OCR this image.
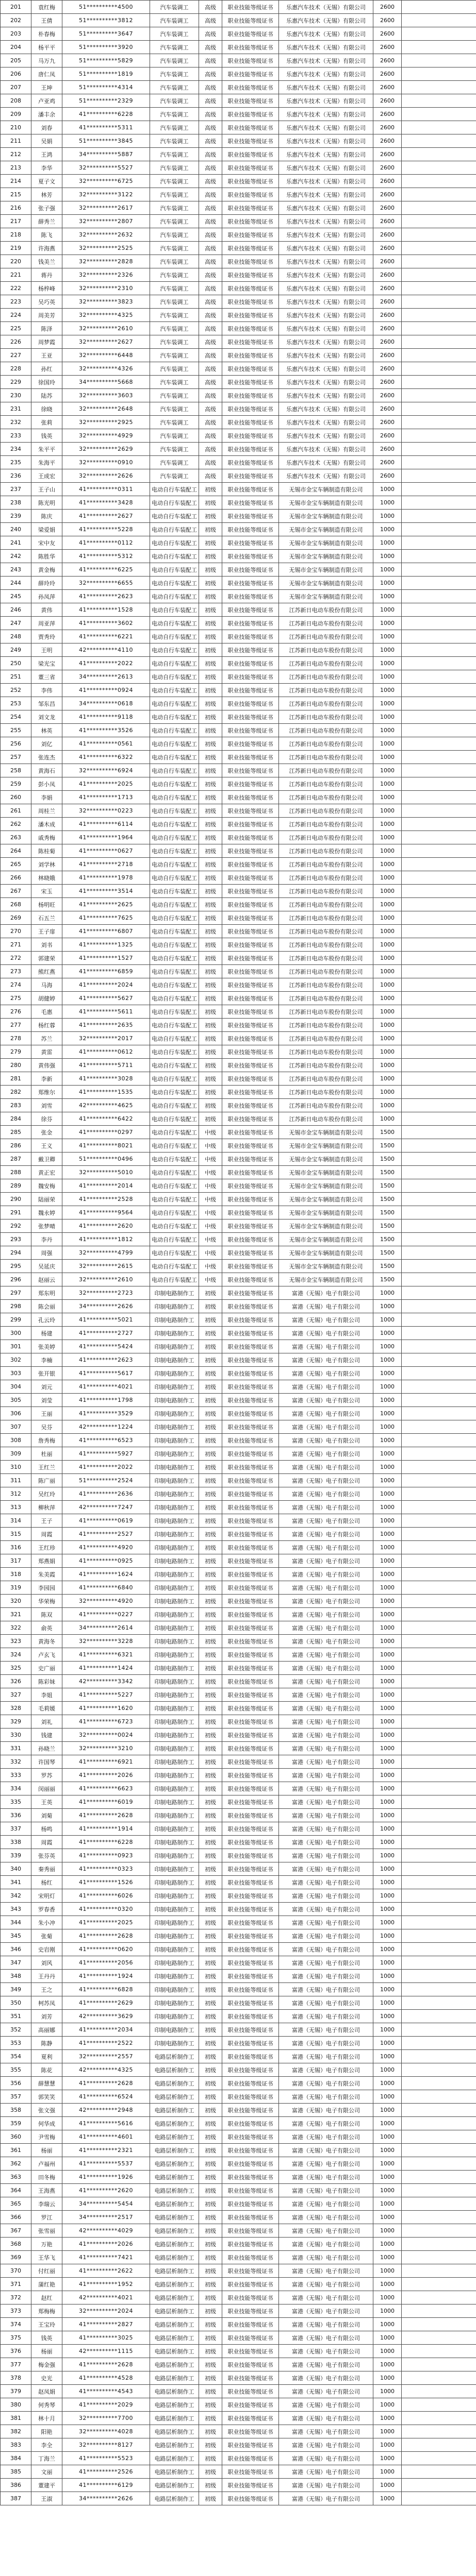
201	袁红梅	51**********4500	汽车装调工	高级	职业技能等级证书	乐惠汽车技术（无锡）有限公司	2600	
202	王倩	51**********3812	汽车装调工	高级	职业技能等级证书	乐惠汽车技术（无锡）有限公司	2600	
203	朴春梅	51**********3647	汽车装调工	高级	职业技能等级证书	乐惠汽车技术（无锡）有限公司	2600	
204	杨平平	51**********3920	汽车装调工	高级	职业技能等级证书	乐惠汽车技术（无锡）有限公司	2600	
205	马万九	51**********5829	汽车装调工	高级	职业技能等级证书	乐惠汽车技术（无锡）有限公司	2600	
206	唐仁凤	51**********1819	汽车装调工	高级	职业技能等级证书	乐惠汽车技术（无锡）有限公司	2600	
207	王坤	51**********4314	汽车装调工	高级	职业技能等级证书	乐惠汽车技术（无锡）有限公司	2600	
208	卢亚鸡	51**********2329	汽车装调工	高级	职业技能等级证书	乐惠汽车技术（无锡）有限公司	2600	
209	潘丰余	41**********6228	汽车装调工	高级	职业技能等级证书	乐惠汽车技术（无锡）有限公司	2600	
210	刘春	41**********5311	汽车装调工	高级	职业技能等级证书	乐惠汽车技术（无锡）有限公司	2600	
211	吴娟	51**********3845	汽车装调工	高级	职业技能等级证书	乐惠汽车技术（无锡）有限公司	2600	
212	王鸿	34**********5887	汽车装调工	高级	职业技能等级证书	乐惠汽车技术（无锡）有限公司	2600	
213	李华	32**********5527	汽车装调工	高级	职业技能等级证书	乐惠汽车技术（无锡）有限公司	2600	
214	夏子文	32**********6725	汽车装调工	高级	职业技能等级证书	乐惠汽车技术（无锡）有限公司	2600	
215	林芳	32**********3122	汽车装调工	高级	职业技能等级证书	乐惠汽车技术（无锡）有限公司	2600	
216	张子强	32**********2617	汽车装调工	高级	职业技能等级证书	乐惠汽车技术（无锡）有限公司	2600	
217	薛秀兰	32**********2807	汽车装调工	高级	职业技能等级证书	乐惠汽车技术（无锡）有限公司	2600	
218	陈飞	32**********2632	汽车装调工	高级	职业技能等级证书	乐惠汽车技术（无锡）有限公司	2600	
219	许海燕	32**********2525	汽车装调工	高级	职业技能等级证书	乐惠汽车技术（无锡）有限公司	2600	
220	钱美兰	32**********2828	汽车装调工	高级	职业技能等级证书	乐惠汽车技术（无锡）有限公司	2600	
221	蒋丹	32**********2326	汽车装调工	高级	职业技能等级证书	乐惠汽车技术（无锡）有限公司	2600	
222	杨梓峰	32**********2310	汽车装调工	高级	职业技能等级证书	乐惠汽车技术（无锡）有限公司	2600	
223	吴巧英	32**********3823	汽车装调工	高级	职业技能等级证书	乐惠汽车技术（无锡）有限公司	2600	
224	周美芳	32**********4325	汽车装调工	高级	职业技能等级证书	乐惠汽车技术（无锡）有限公司	2600	
225	陈泽	32**********2610	汽车装调工	高级	职业技能等级证书	乐惠汽车技术（无锡）有限公司	2600	
226	周梦霞	32**********2627	汽车装调工	高级	职业技能等级证书	乐惠汽车技术（无锡）有限公司	2600	
227	王亚	32**********6448	汽车装调工	高级	职业技能等级证书	乐惠汽车技术（无锡）有限公司	2600	
228	孙红	32**********4326	汽车装调工	高级	职业技能等级证书	乐惠汽车技术（无锡）有限公司	2600	
229	徐国玲	34**********5668	汽车装调工	高级	职业技能等级证书	乐惠汽车技术（无锡）有限公司	2600	
230	陆苏	32**********3603	汽车装调工	高级	职业技能等级证书	乐惠汽车技术（无锡）有限公司	2600	
231	徐晓	32**********2648	汽车装调工	高级	职业技能等级证书	乐惠汽车技术（无锡）有限公司	2600	
232	张莉	32**********2925	汽车装调工	高级	职业技能等级证书	乐惠汽车技术（无锡）有限公司	2600	
233	钱英	32**********4929	汽车装调工	高级	职业技能等级证书	乐惠汽车技术（无锡）有限公司	2600	
234	朱平平	32**********2629	汽车装调工	高级	职业技能等级证书	乐惠汽车技术（无锡）有限公司	2600	
235	朱海平	32**********0910	汽车装调工	高级	职业技能等级证书	乐惠汽车技术（无锡）有限公司	2600	
236	王成宏	32**********2626	汽车装调工	高级	职业技能等级证书	乐惠汽车技术（无锡）有限公司	2600	
237	王子山	41**********0311	电动自行车装配工	初级	职业技能等级证书	无锡市金宝车辆制造有限公司	1000	
238	陈光明	41**********3428	电动自行车装配工	初级	职业技能等级证书	无锡市金宝车辆制造有限公司	1000	
239	陈庆	41**********2627	电动自行车装配工	初级	职业技能等级证书	无锡市金宝车辆制造有限公司	1000	
240	梁爱娟	41**********5228	电动自行车装配工	初级	职业技能等级证书	无锡市金宝车辆制造有限公司	1000	
241	宋中友	41**********0112	电动自行车装配工	初级	职业技能等级证书	无锡市金宝车辆制造有限公司	1000	
242	陈胜华	41**********5312	电动自行车装配工	初级	职业技能等级证书	无锡市金宝车辆制造有限公司	1000	
243	黄金梅	41**********6225	电动自行车装配工	初级	职业技能等级证书	无锡市金宝车辆制造有限公司	1000	
244	薛玲玲	32**********6655	电动自行车装配工	初级	职业技能等级证书	无锡市金宝车辆制造有限公司	1000	
245	孙凤萍	41**********2623	电动自行车装配工	初级	职业技能等级证书	无锡市金宝车辆制造有限公司	1000	
246	黄伟	41**********1528	电动自行车装配工	初级	职业技能等级证书	江苏新日电动车股份有限公司	1000	
247	周亚萍	41**********3602	电动自行车装配工	初级	职业技能等级证书	江苏新日电动车股份有限公司	1000	
248	贾秀玲	41**********6221	电动自行车装配工	初级	职业技能等级证书	江苏新日电动车股份有限公司	1000	
249	王明	42**********4110	电动自行车装配工	初级	职业技能等级证书	江苏新日电动车股份有限公司	1000	
250	梁光宝	41**********2022	电动自行车装配工	初级	职业技能等级证书	江苏新日电动车股份有限公司	1000	
251	董三省	34**********2613	电动自行车装配工	初级	职业技能等级证书	江苏新日电动车股份有限公司	1000	
252	李伟	41**********0924	电动自行车装配工	初级	职业技能等级证书	江苏新日电动车股份有限公司	1000	
253	邹东昌	34**********0618	电动自行车装配工	初级	职业技能等级证书	江苏新日电动车股份有限公司	1000	
254	刘文龙	41**********9118	电动自行车装配工	初级	职业技能等级证书	江苏新日电动车股份有限公司	1000	
255	林英	41**********3526	电动自行车装配工	初级	职业技能等级证书	江苏新日电动车股份有限公司	1000	
256	刘亿	41**********0561	电动自行车装配工	初级	职业技能等级证书	江苏新日电动车股份有限公司	1000	
257	张连杰	41**********6322	电动自行车装配工	初级	职业技能等级证书	江苏新日电动车股份有限公司	1000	
258	黄海石	32**********6924	电动自行车装配工	初级	职业技能等级证书	江苏新日电动车股份有限公司	1000	
259	彭小凤	41**********2025	电动自行车装配工	初级	职业技能等级证书	江苏新日电动车股份有限公司	1000	
260	李娟	41**********1713	电动自行车装配工	初级	职业技能等级证书	江苏新日电动车股份有限公司	1000	
261	周桂兰	32**********0223	电动自行车装配工	初级	职业技能等级证书	江苏新日电动车股份有限公司	1000	
262	潘木成	41**********6114	电动自行车装配工	初级	职业技能等级证书	江苏新日电动车股份有限公司	1000	
263	戚秀梅	41**********1964	电动自行车装配工	初级	职业技能等级证书	江苏新日电动车股份有限公司	1000	
264	陈桂菊	41**********0627	电动自行车装配工	初级	职业技能等级证书	江苏新日电动车股份有限公司	1000	
265	刘学林	41**********2718	电动自行车装配工	初级	职业技能等级证书	江苏新日电动车股份有限公司	1000	
266	林晓娥	41**********1978	电动自行车装配工	初级	职业技能等级证书	江苏新日电动车股份有限公司	1000	
267	宋玉	41**********3514	电动自行车装配工	初级	职业技能等级证书	江苏新日电动车股份有限公司	1000	
268	杨明旺	41**********2625	电动自行车装配工	初级	职业技能等级证书	江苏新日电动车股份有限公司	1000	
269	石五兰	41**********7625	电动自行车装配工	初级	职业技能等级证书	江苏新日电动车股份有限公司	1000	
270	王子扉	41**********6807	电动自行车装配工	初级	职业技能等级证书	江苏新日电动车股份有限公司	1000	
271	刘书	41**********1325	电动自行车装配工	初级	职业技能等级证书	江苏新日电动车股份有限公司	1000	
272	郭建荣	41**********1527	电动自行车装配工	初级	职业技能等级证书	江苏新日电动车股份有限公司	1000	
273	熊红燕	41**********6859	电动自行车装配工	初级	职业技能等级证书	江苏新日电动车股份有限公司	1000	
274	马海	41**********2024	电动自行车装配工	初级	职业技能等级证书	江苏新日电动车股份有限公司	1000	
275	胡健婷	41**********5627	电动自行车装配工	初级	职业技能等级证书	江苏新日电动车股份有限公司	1000	
276	毛惠	41**********5611	电动自行车装配工	初级	职业技能等级证书	江苏新日电动车股份有限公司	1000	
277	杨红蓉	41**********2635	电动自行车装配工	初级	职业技能等级证书	江苏新日电动车股份有限公司	1000	
278	苏兰	32**********2017	电动自行车装配工	初级	职业技能等级证书	江苏新日电动车股份有限公司	1000	
279	黄雷	41**********0612	电动自行车装配工	初级	职业技能等级证书	江苏新日电动车股份有限公司	1000	
280	黄伟强	41**********5711	电动自行车装配工	初级	职业技能等级证书	江苏新日电动车股份有限公司	1000	
281	李新	41**********3028	电动自行车装配工	初级	职业技能等级证书	江苏新日电动车股份有限公司	1000	
282	郑维尔	41**********1535	电动自行车装配工	初级	职业技能等级证书	江苏新日电动车股份有限公司	1000	
283	刘雪	42**********4625	电动自行车装配工	初级	职业技能等级证书	江苏新日电动车股份有限公司	1000	
284	徐芬	41**********6422	电动自行车装配工	初级	职业技能等级证书	江苏新日电动车股份有限公司	1000	
285	张金	41**********0297	电动自行车装配工	中级	职业技能等级证书	无锡市金宝车辆制造有限公司	1500	
286	王义	41**********8021	电动自行车装配工	中级	职业技能等级证书	无锡市金宝车辆制造有限公司	1500	
287	戴卫卿	51**********0496	电动自行车装配工	中级	职业技能等级证书	无锡市金宝车辆制造有限公司	1500	
288	黄正宏	32**********5010	电动自行车装配工	中级	职业技能等级证书	无锡市金宝车辆制造有限公司	1500	
289	魏安梅	41**********2014	电动自行车装配工	中级	职业技能等级证书	无锡市金宝车辆制造有限公司	1500	
290	陆丽荣	41**********2528	电动自行车装配工	中级	职业技能等级证书	无锡市金宝车辆制造有限公司	1500	
291	魏永婷	41**********9564	电动自行车装配工	中级	职业技能等级证书	无锡市金宝车辆制造有限公司	1500	
292	张梦晴	41**********2620	电动自行车装配工	中级	职业技能等级证书	无锡市金宝车辆制造有限公司	1500	
293	李丹	41**********1812	电动自行车装配工	中级	职业技能等级证书	无锡市金宝车辆制造有限公司	1500	
294	周强	32**********4799	电动自行车装配工	中级	职业技能等级证书	无锡市金宝车辆制造有限公司	1500	
295	吴延庆	32**********2615	电动自行车装配工	中级	职业技能等级证书	无锡市金宝车辆制造有限公司	1500	
296	赵丽云	32**********2610	电动自行车装配工	中级	职业技能等级证书	无锡市金宝车辆制造有限公司	1500	
297	郑东明	32**********2723	印制电路制作工	初级	职业技能等级证书	富港（无锡）电子有限公司	1000	
298	陈会丽	34**********2626	印制电路制作工	初级	职业技能等级证书	富港（无锡）电子有限公司	1000	
299	孔云玲	41**********5021	印制电路制作工	初级	职业技能等级证书	富港（无锡）电子有限公司	1000	
300	杨建	41**********2727	印制电路制作工	初级	职业技能等级证书	富港（无锡）电子有限公司	1000	
301	张美婷	41**********5424	印制电路制作工	初级	职业技能等级证书	富港（无锡）电子有限公司	1000	
302	李楠	41**********2623	印制电路制作工	初级	职业技能等级证书	富港（无锡）电子有限公司	1000	
303	张开银	41**********5617	印制电路制作工	初级	职业技能等级证书	富港（无锡）电子有限公司	1000	
304	刘元	41**********4021	印制电路制作工	初级	职业技能等级证书	富港（无锡）电子有限公司	1000	
305	刘莹	41**********1798	印制电路制作工	初级	职业技能等级证书	富港（无锡）电子有限公司	1000	
306	王丽	41**********3529	印制电路制作工	初级	职业技能等级证书	富港（无锡）电子有限公司	1000	
307	吴芬	42**********1224	印制电路制作工	初级	职业技能等级证书	富港（无锡）电子有限公司	1000	
308	詹秀梅	41**********6523	印制电路制作工	初级	职业技能等级证书	富港（无锡）电子有限公司	1000	
309	杜丽	41**********5927	印制电路制作工	初级	职业技能等级证书	富港（无锡）电子有限公司	1000	
310	王红兰	41**********2022	印制电路制作工	初级	职业技能等级证书	富港（无锡）电子有限公司	1000	
311	陈广丽	51**********2524	印制电路制作工	初级	职业技能等级证书	富港（无锡）电子有限公司	1000	
312	吴红玲	41**********2636	印制电路制作工	初级	职业技能等级证书	富港（无锡）电子有限公司	1000	
313	柳秋萍	42**********7247	印制电路制作工	初级	职业技能等级证书	富港（无锡）电子有限公司	1000	
314	王子	41**********0619	印制电路制作工	初级	职业技能等级证书	富港（无锡）电子有限公司	1000	
315	周霞	41**********2527	印制电路制作工	初级	职业技能等级证书	富港（无锡）电子有限公司	1000	
316	王红珍	41**********4920	印制电路制作工	初级	职业技能等级证书	富港（无锡）电子有限公司	1000	
317	郑燕娟	41**********0925	印制电路制作工	初级	职业技能等级证书	富港（无锡）电子有限公司	1000	
318	朱美霞	41**********1624	印制电路制作工	初级	职业技能等级证书	富港（无锡）电子有限公司	1000	
319	李园园	41**********6840	印制电路制作工	初级	职业技能等级证书	富港（无锡）电子有限公司	1000	
320	华荣梅	32**********4920	印制电路制作工	初级	职业技能等级证书	富港（无锡）电子有限公司	1000	
321	陈双	41**********0227	印制电路制作工	初级	职业技能等级证书	富港（无锡）电子有限公司	1000	
322	俞英	34**********2614	印制电路制作工	初级	职业技能等级证书	富港（无锡）电子有限公司	1000	
323	黄海冬	32**********3228	印制电路制作工	初级	职业技能等级证书	富港（无锡）电子有限公司	1000	
324	卢玄飞	41**********6321	印制电路制作工	初级	职业技能等级证书	富港（无锡）电子有限公司	1000	
325	史广丽	41**********1424	印制电路制作工	初级	职业技能等级证书	富港（无锡）电子有限公司	1000	
326	陈彩妹	42**********3342	印制电路制作工	初级	职业技能等级证书	富港（无锡）电子有限公司	1000	
327	李姐	41**********5227	印制电路制作工	初级	职业技能等级证书	富港（无锡）电子有限公司	1000	
328	毛莉媛	41**********1620	印制电路制作工	初级	职业技能等级证书	富港（无锡）电子有限公司	1000	
329	刘礼	41**********6723	印制电路制作工	初级	职业技能等级证书	富港（无锡）电子有限公司	1000	
330	钱建	32**********0024	印制电路制作工	初级	职业技能等级证书	富港（无锡）电子有限公司	1000	
331	孙晓兰	32**********3210	印制电路制作工	初级	职业技能等级证书	富港（无锡）电子有限公司	1000	
332	许国琴	41**********6921	印制电路制作工	初级	职业技能等级证书	富港（无锡）电子有限公司	1000	
333	罗苏	41**********2026	印制电路制作工	初级	职业技能等级证书	富港（无锡）电子有限公司	1000	
334	闵丽丽	41**********6623	印制电路制作工	初级	职业技能等级证书	富港（无锡）电子有限公司	1000	
335	王英	41**********6019	印制电路制作工	初级	职业技能等级证书	富港（无锡）电子有限公司	1000	
336	刘菊	41**********2628	印制电路制作工	初级	职业技能等级证书	富港（无锡）电子有限公司	1000	
337	杨鸣	41**********1914	印制电路制作工	初级	职业技能等级证书	富港（无锡）电子有限公司	1000	
338	周霞	41**********6228	印制电路制作工	初级	职业技能等级证书	富港（无锡）电子有限公司	1000	
339	张芬英	41**********0923	印制电路制作工	初级	职业技能等级证书	富港（无锡）电子有限公司	1000	
340	秦秀丽	41**********0323	印制电路制作工	初级	职业技能等级证书	富港（无锡）电子有限公司	1000	
341	杨红	41**********1526	印制电路制作工	初级	职业技能等级证书	富港（无锡）电子有限公司	1000	
342	宋明灯	41**********6026	印制电路制作工	初级	职业技能等级证书	富港（无锡）电子有限公司	1000	
343	罗春香	41**********0320	印制电路制作工	初级	职业技能等级证书	富港（无锡）电子有限公司	1000	
344	朱小冲	41**********2025	印制电路制作工	初级	职业技能等级证书	富港（无锡）电子有限公司	1000	
345	张菊	41**********2628	印制电路制作工	初级	职业技能等级证书	富港（无锡）电子有限公司	1000	
346	史岩刚	41**********0620	印制电路制作工	初级	职业技能等级证书	富港（无锡）电子有限公司	1000	
347	刘风	41**********2056	印制电路制作工	初级	职业技能等级证书	富港（无锡）电子有限公司	1000	
348	王丹丹	41**********1924	印制电路制作工	初级	职业技能等级证书	富港（无锡）电子有限公司	1000	
349	王之	41**********6828	印制电路制作工	初级	职业技能等级证书	富港（无锡）电子有限公司	1000	
350	柯苏凤	41**********2629	印制电路制作工	初级	职业技能等级证书	富港（无锡）电子有限公司	1000	
351	刘芳	42**********3629	印制电路制作工	初级	职业技能等级证书	富港（无锡）电子有限公司	1000	
352	高丽娜	41**********2034	印制电路制作工	初级	职业技能等级证书	富港（无锡）电子有限公司	1000	
353	陈静	41**********2522	印制电路制作工	初级	职业技能等级证书	富港（无锡）电子有限公司	1000	
354	夏利	32**********2557	电路层析制作工	初级	职业技能等级证书	富港（无锡）电子有限公司	1000	
355	陈花	42**********4325	电路层析制作工	初级	职业技能等级证书	富港（无锡）电子有限公司	1000	
356	薛慧慧	41**********2628	电路层析制作工	初级	职业技能等级证书	富港（无锡）电子有限公司	1000	
357	郭笑笑	41**********6524	电路层析制作工	初级	职业技能等级证书	富港（无锡）电子有限公司	1000	
358	张文强	42**********2948	电路层析制作工	初级	职业技能等级证书	富港（无锡）电子有限公司	1000	
359	何华成	41**********5616	电路层析制作工	初级	职业技能等级证书	富港（无锡）电子有限公司	1000	
360	尹雪梅	41**********4601	电路层析制作工	初级	职业技能等级证书	富港（无锡）电子有限公司	1000	
361	杨丽	41**********2321	电路层析制作工	初级	职业技能等级证书	富港（无锡）电子有限公司	1000	
362	卢福州	41**********5537	电路层析制作工	初级	职业技能等级证书	富港（无锡）电子有限公司	1000	
363	田冬梅	41**********1926	电路层析制作工	初级	职业技能等级证书	富港（无锡）电子有限公司	1000	
364	王海燕	41**********2620	电路层析制作工	初级	职业技能等级证书	富港（无锡）电子有限公司	1000	
365	李瑞云	34**********5454	电路层析制作工	初级	职业技能等级证书	富港（无锡）电子有限公司	1000	
366	罗江	34**********2517	电路层析制作工	初级	职业技能等级证书	富港（无锡）电子有限公司	1000	
367	张雪丽	42**********4029	电路层析制作工	初级	职业技能等级证书	富港（无锡）电子有限公司	1000	
368	万艳	41**********2026	电路层析制作工	初级	职业技能等级证书	富港（无锡）电子有限公司	1000	
369	王华飞	41**********7421	电路层析制作工	初级	职业技能等级证书	富港（无锡）电子有限公司	1000	
370	付红丽	41**********2622	电路层析制作工	初级	职业技能等级证书	富港（无锡）电子有限公司	1000	
371	蒲红艳	41**********1952	电路层析制作工	初级	职业技能等级证书	富港（无锡）电子有限公司	1000	
372	赵红	42**********4021	电路层析制作工	初级	职业技能等级证书	富港（无锡）电子有限公司	1000	
373	郑梅梅	32**********2024	电路层析制作工	初级	职业技能等级证书	富港（无锡）电子有限公司	1000	
374	王宝玲	41**********2827	电路层析制作工	初级	职业技能等级证书	富港（无锡）电子有限公司	1000	
375	钱英	41**********3025	电路层析制作工	初级	职业技能等级证书	富港（无锡）电子有限公司	1000	
376	杨丽	42**********1115	电路层析制作工	初级	职业技能等级证书	富港（无锡）电子有限公司	1000	
377	梅金强	41**********2628	电路层析制作工	初级	职业技能等级证书	富港（无锡）电子有限公司	1000	
378	史光	41**********4528	电路层析制作工	初级	职业技能等级证书	富港（无锡）电子有限公司	1000	
379	赵凤娟	41**********4543	电路层析制作工	初级	职业技能等级证书	富港（无锡）电子有限公司	1000	
380	何秀琴	41**********2029	电路层析制作工	初级	职业技能等级证书	富港（无锡）电子有限公司	1000	
381	林十月	32**********7700	电路层析制作工	初级	职业技能等级证书	富港（无锡）电子有限公司	1000	
382	阳艳	32**********4028	电路层析制作工	初级	职业技能等级证书	富港（无锡）电子有限公司	1000	
383	李全	32**********8127	电路层析制作工	初级	职业技能等级证书	富港（无锡）电子有限公司	1000	
384	丁海兰	41**********5523	电路层析制作工	初级	职业技能等级证书	富港（无锡）电子有限公司	1000	
385	文丽	41**********2526	电路层析制作工	初级	职业技能等级证书	富港（无锡）电子有限公司	1000	
386	董建平	41**********6129	电路层析制作工	初级	职业技能等级证书	富港（无锡）电子有限公司	1000	
387	王淑	34**********2626	电路层析制作工	初级	职业技能等级证书	富港（无锡）电子有限公司	1000	
